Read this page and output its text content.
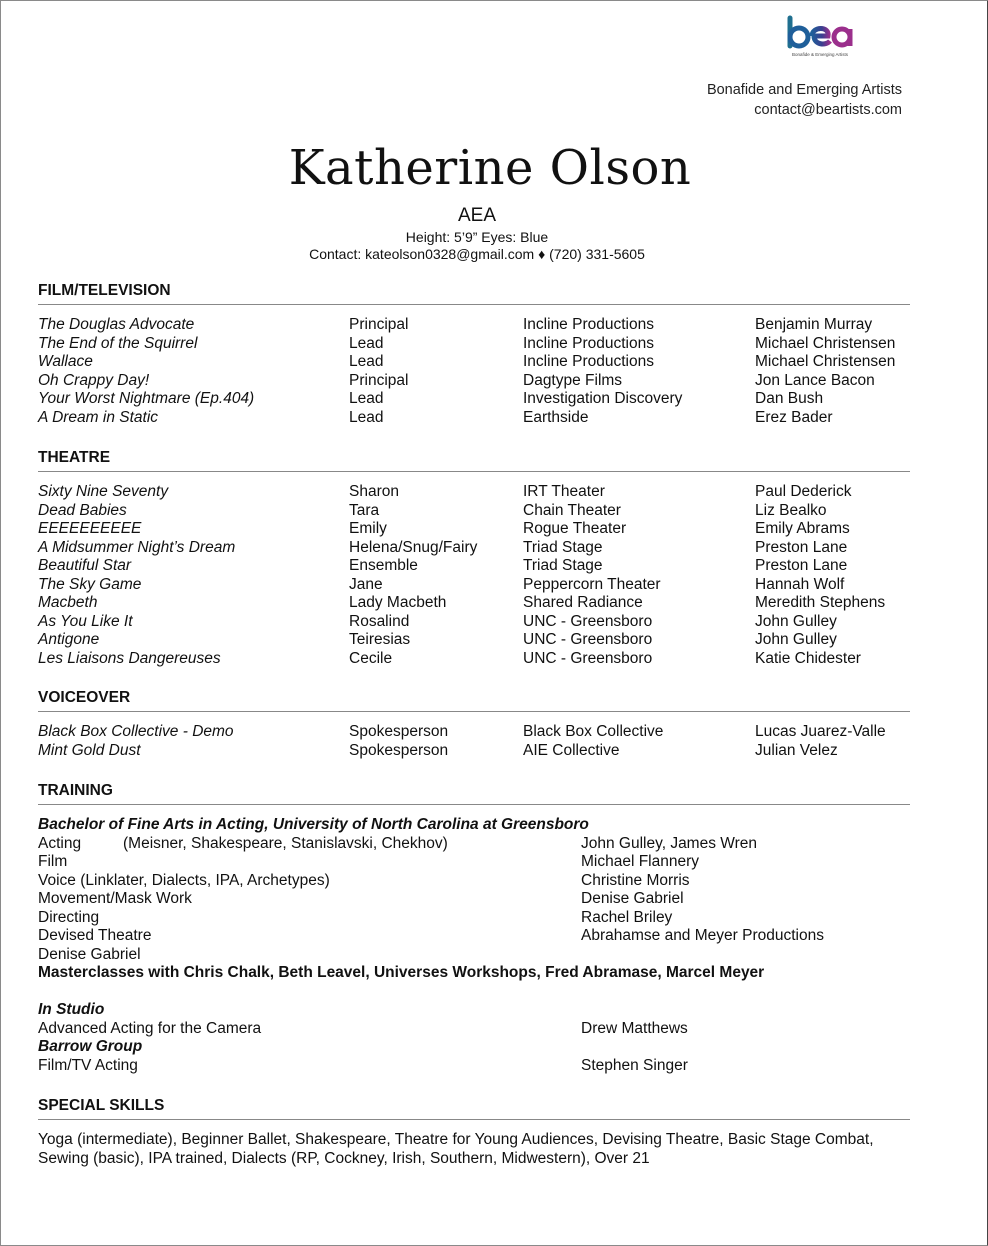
Bonafide & Emerging Artists
Bonafide and Emerging Artists
contact@beartists.com
Katherine Olson
AEA
Height: 5’9” Eyes: Blue
Contact: kateolson0328@gmail.com ♦ (720) 331-5605
FILM/TELEVISION
The Douglas Advocate	Principal	Incline Productions	Benjamin Murray
The End of the Squirrel	Lead	Incline Productions	Michael Christensen
Wallace	Lead	Incline Productions	Michael Christensen
Oh Crappy Day!	Principal	Dagtype Films	Jon Lance Bacon
Your Worst Nightmare (Ep.404)	Lead	Investigation Discovery	Dan Bush
A Dream in Static	Lead	Earthside	Erez Bader
THEATRE
Sixty Nine Seventy	Sharon	IRT Theater	Paul Dederick
Dead Babies	Tara	Chain Theater	Liz Bealko
EEEEEEEEEE	Emily	Rogue Theater	Emily Abrams
A Midsummer Night’s Dream	Helena/Snug/Fairy	Triad Stage	Preston Lane
Beautiful Star	Ensemble	Triad Stage	Preston Lane
The Sky Game	Jane	Peppercorn Theater	Hannah Wolf
Macbeth	Lady Macbeth	Shared Radiance	Meredith Stephens
As You Like It	Rosalind	UNC - Greensboro	John Gulley
Antigone	Teiresias	UNC - Greensboro	John Gulley
Les Liaisons Dangereuses	Cecile	UNC - Greensboro	Katie Chidester
VOICEOVER
Black Box Collective - Demo	Spokesperson	Black Box Collective	Lucas Juarez-Valle
Mint Gold Dust	Spokesperson	AIE Collective	Julian Velez
TRAINING
Bachelor of Fine Arts in Acting, University of North Carolina at Greensboro
Acting	(Meisner, Shakespeare, Stanislavski, Chekhov)	John Gulley, James Wren
Film	Michael Flannery
Voice (Linklater, Dialects, IPA, Archetypes)	Christine Morris
Movement/Mask Work	Denise Gabriel
Directing	Rachel Briley
Devised Theatre	Abrahamse and Meyer Productions
Denise Gabriel
Masterclasses with Chris Chalk, Beth Leavel, Universes Workshops, Fred Abramase, Marcel Meyer
In Studio
Advanced Acting for the Camera	Drew Matthews
Barrow Group
Film/TV Acting	Stephen Singer
SPECIAL SKILLS
Yoga (intermediate), Beginner Ballet, Shakespeare, Theatre for Young Audiences, Devising Theatre, Basic Stage Combat, Sewing (basic), IPA trained, Dialects (RP, Cockney, Irish, Southern, Midwestern), Over 21
